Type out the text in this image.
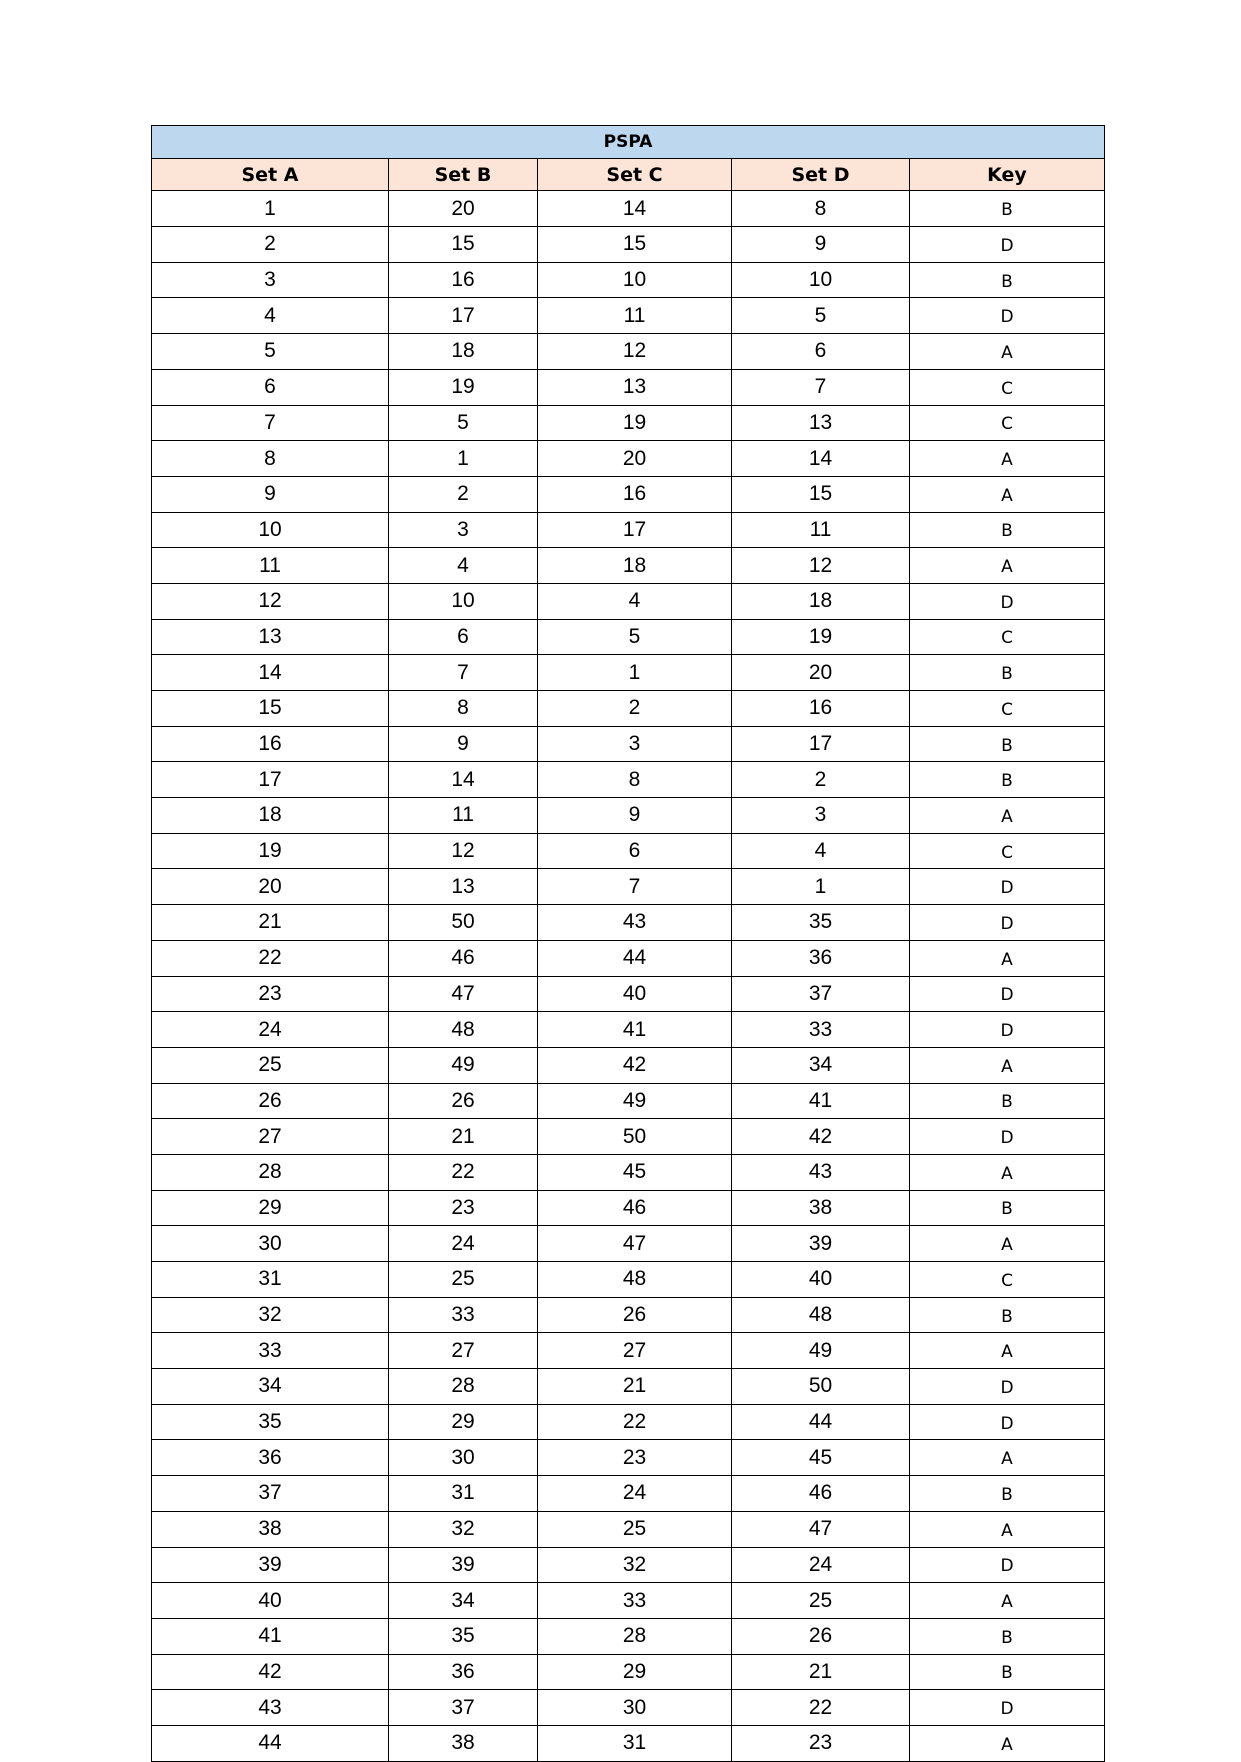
PSPA				
Set A	Set B	Set C	Set D	Key
1	20	14	8	B
2	15	15	9	D
3	16	10	10	B
4	17	11	5	D
5	18	12	6	A
6	19	13	7	C
7	5	19	13	C
8	1	20	14	A
9	2	16	15	A
10	3	17	11	B
11	4	18	12	A
12	10	4	18	D
13	6	5	19	C
14	7	1	20	B
15	8	2	16	C
16	9	3	17	B
17	14	8	2	B
18	11	9	3	A
19	12	6	4	C
20	13	7	1	D
21	50	43	35	D
22	46	44	36	A
23	47	40	37	D
24	48	41	33	D
25	49	42	34	A
26	26	49	41	B
27	21	50	42	D
28	22	45	43	A
29	23	46	38	B
30	24	47	39	A
31	25	48	40	C
32	33	26	48	B
33	27	27	49	A
34	28	21	50	D
35	29	22	44	D
36	30	23	45	A
37	31	24	46	B
38	32	25	47	A
39	39	32	24	D
40	34	33	25	A
41	35	28	26	B
42	36	29	21	B
43	37	30	22	D
44	38	31	23	A
